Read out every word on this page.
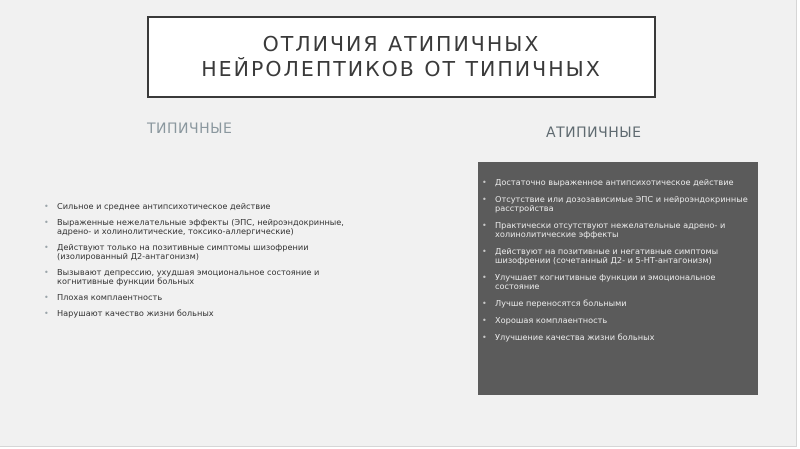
ОТЛИЧИЯ АТИПИЧНЫХ
НЕЙРОЛЕПТИКОВ ОТ ТИПИЧНЫХ
ТИПИЧНЫЕ	АТИПИЧНЫЕ
• Сильное и среднее антипсихотическое действие
• Выраженные нежелательные эффекты (ЭПС, нейроэндокринные, адрено- и холинолитические, токсико-аллергические)
• Действуют только на позитивные симптомы шизофрении (изолированный Д2-антагонизм)
• Вызывают депрессию, ухудшая эмоциональное состояние и когнитивные функции больных
• Плохая комплаентность
• Нарушают качество жизни больных
• Достаточно выраженное антипсихотическое действие
• Отсутствие или дозозависимые ЭПС и нейроэндокринные расстройства
• Практически отсутствуют нежелательные адрено- и холинолитические эффекты
• Действуют на позитивные и негативные симптомы шизофрении (сочетанный Д2- и 5-НТ-антагонизм)
• Улучшает когнитивные функции и эмоциональное состояние
• Лучше переносятся больными
• Хорошая комплаентность
• Улучшение качества жизни больных
